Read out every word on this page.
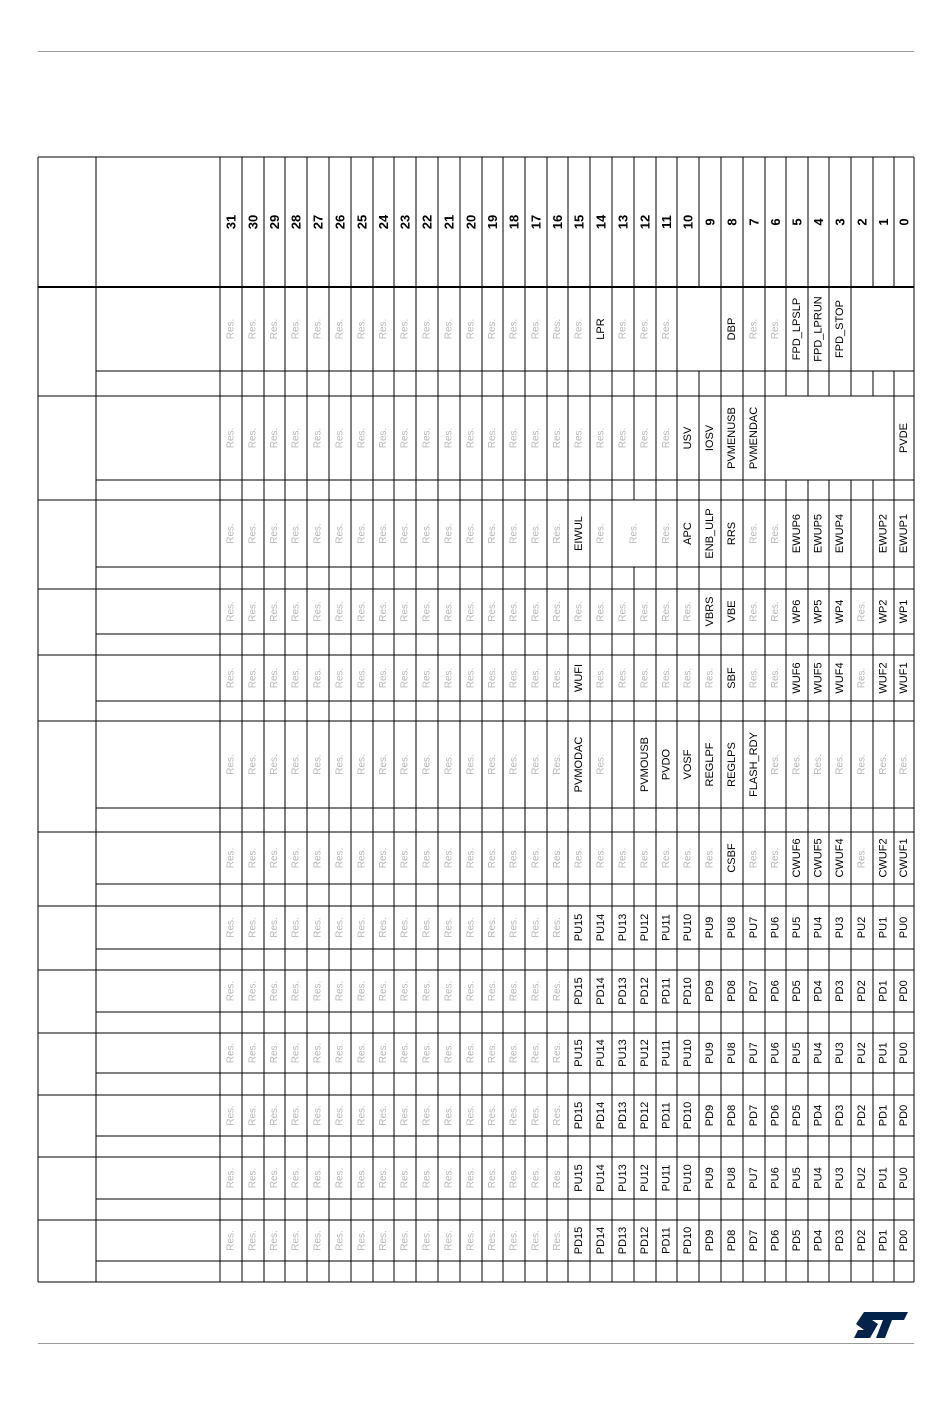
31 30 29 28 27 26 25 24 23 22 21 20 19 18 17 16 15 14 13 12 11 10 9 8 7 6 5 4 3 2 1 0
Res. Res. Res. Res. Res. Res. Res. Res. Res. Res. Res. Res. Res. Res. Res. Res. Res. LPR Res. Res. Res.	DBP Res. Res. FPD_LPSLP FPD_LPRUN FPD_STOP
Res. Res. Res. Res. Res. Res. Res. Res. Res. Res. Res. Res. Res. Res. Res. Res. Res. Res. Res. Res. Res. USV IOSV PVMENUSB PVMENDAC	PVDE
Res. Res. Res. Res. Res. Res. Res. Res. Res. Res. Res. Res. Res. Res. Res. Res. EIWUL Res. Res. Res. APC ENB_ULP RRS Res. Res. EWUP6 EWUP5 EWUP4	EWUP2 EWUP1
Res. Res. Res. Res. Res. Res. Res. Res. Res. Res. Res. Res. Res. Res. Res. Res. Res. Res. Res. Res. Res. Res. VBRS VBE Res. Res. WP6 WP5 WP4 Res. WP2 WP1
Res. Res. Res. Res. Res. Res. Res. Res. Res. Res. Res. Res. Res. Res. Res. Res. WUFI Res. Res. Res. Res. Res. Res. SBF Res. Res. WUF6 WUF5 WUF4 Res. WUF2 WUF1
Res. Res. Res. Res. Res. Res. Res. Res. Res. Res. Res. Res. Res. Res. Res. Res. PVMODAC Res.	PVMOUSB PVDO VOSF REGLPF REGLPS FLASH_RDY Res. Res. Res. Res. Res. Res. Res.
Res. Res. Res. Res. Res. Res. Res. Res. Res. Res. Res. Res. Res. Res. Res. Res. Res. Res. Res. Res. Res. Res. Res. CSBF Res. Res. CWUF6 CWUF5 CWUF4 Res. CWUF2 CWUF1
Res. Res. Res. Res. Res. Res. Res. Res. Res. Res. Res. Res. Res. Res. Res. Res. PU15 PU14 PU13 PU12 PU11 PU10 PU9 PU8 PU7 PU6 PU5 PU4 PU3 PU2 PU1 PU0
Res. Res. Res. Res. Res. Res. Res. Res. Res. Res. Res. Res. Res. Res. Res. Res. PD15 PD14 PD13 PD12 PD11 PD10 PD9 PD8 PD7 PD6 PD5 PD4 PD3 PD2 PD1 PD0
Res. Res. Res. Res. Res. Res. Res. Res. Res. Res. Res. Res. Res. Res. Res. Res. PU15 PU14 PU13 PU12 PU11 PU10 PU9 PU8 PU7 PU6 PU5 PU4 PU3 PU2 PU1 PU0
Res. Res. Res. Res. Res. Res. Res. Res. Res. Res. Res. Res. Res. Res. Res. Res. PD15 PD14 PD13 PD12 PD11 PD10 PD9 PD8 PD7 PD6 PD5 PD4 PD3 PD2 PD1 PD0
Res. Res. Res. Res. Res. Res. Res. Res. Res. Res. Res. Res. Res. Res. Res. Res. PU15 PU14 PU13 PU12 PU11 PU10 PU9 PU8 PU7 PU6 PU5 PU4 PU3 PU2 PU1 PU0
Res. Res. Res. Res. Res. Res. Res. Res. Res. Res. Res. Res. Res. Res. Res. Res. PD15 PD14 PD13 PD12 PD11 PD10 PD9 PD8 PD7 PD6 PD5 PD4 PD3 PD2 PD1 PD0
